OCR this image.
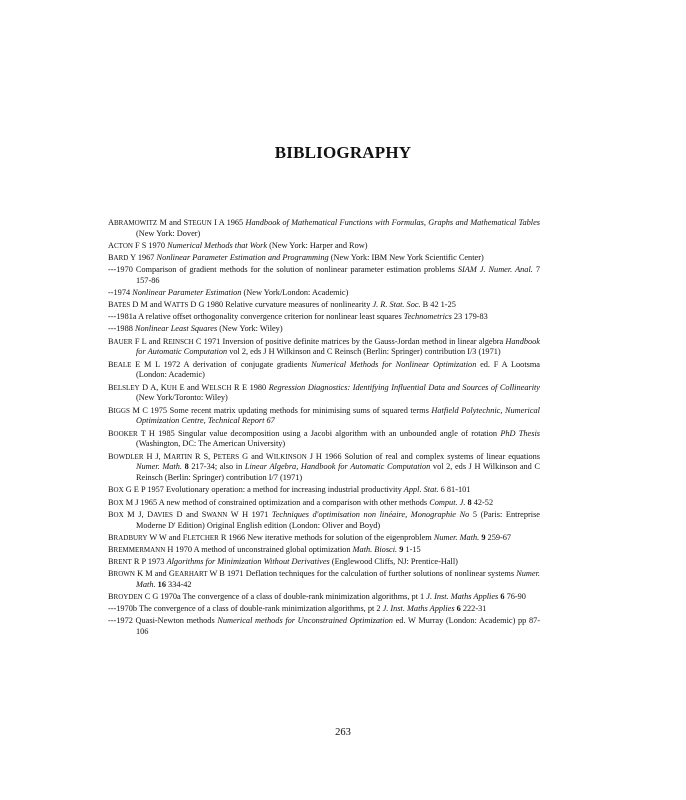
BIBLIOGRAPHY
ABRAMOWITZ M and STEGUN I A 1965 Handbook of Mathematical Functions with Formulas, Graphs and Mathematical Tables (New York: Dover)
ACTON F S 1970 Numerical Methods that Work (New York: Harper and Row)
BARD Y 1967 Nonlinear Parameter Estimation and Programming (New York: IBM New York Scientific Center)
---1970 Comparison of gradient methods for the solution of nonlinear parameter estimation problems SIAM J. Numer. Anal. 7 157-86
--1974 Nonlinear Parameter Estimation (New York/London: Academic)
BATES D M and WATTS D G 1980 Relative curvature measures of nonlinearity J. R. Stat. Soc. B 42 1-25
---1981a A relative offset orthogonality convergence criterion for nonlinear least squares Technometrics 23 179-83
---1988 Nonlinear Least Squares (New York: Wiley)
BAUER F L and REINSCH C 1971 Inversion of positive definite matrices by the Gauss-Jordan method in linear algebra Handbook for Automatic Computation vol 2, eds J H Wilkinson and C Reinsch (Berlin: Springer) contribution I/3 (1971)
BEALE E M L 1972 A derivation of conjugate gradients Numerical Methods for Nonlinear Optimization ed. F A Lootsma (London: Academic)
BELSLEY D A, KUH E and WELSCH R E 1980 Regression Diagnostics: Identifying Influential Data and Sources of Collinearity (New York/Toronto: Wiley)
BIGGS M C 1975 Some recent matrix updating methods for minimising sums of squared terms Hatfield Polytechnic, Numerical Optimization Centre, Technical Report 67
BOOKER T H 1985 Singular value decomposition using a Jacobi algorithm with an unbounded angle of rotation PhD Thesis (Washington, DC: The American University)
BOWDLER H J, MARTIN R S, PETERS G and WILKINSON J H 1966 Solution of real and complex systems of linear equations Numer. Math. 8 217-34; also in Linear Algebra, Handbook for Automatic Computation vol 2, eds J H Wilkinson and C Reinsch (Berlin: Springer) contribution I/7 (1971)
BOX G E P 1957 Evolutionary operation: a method for increasing industrial productivity Appl. Stat. 6 81-101
BOX M J 1965 A new method of constrained optimization and a comparison with other methods Comput. J. 8 42-52
BOX M J, DAVIES D and SWANN W H 1971 Techniques d'optimisation non linéaire, Monographie No 5 (Paris: Entreprise Moderne D' Edition) Original English edition (London: Oliver and Boyd)
BRADBURY W W and FLETCHER R 1966 New iterative methods for solution of the eigenproblem Numer. Math. 9 259-67
BREMMERMANN H 1970 A method of unconstrained global optimization Math. Biosci. 9 1-15
BRENT R P 1973 Algorithms for Minimization Without Derivatives (Englewood Cliffs, NJ: Prentice-Hall)
BROWN K M and GEARHART W B 1971 Deflation techniques for the calculation of further solutions of nonlinear systems Numer. Math. 16 334-42
BROYDEN C G 1970a The convergence of a class of double-rank minimization algorithms, pt 1 J. Inst. Maths Applies 6 76-90
---1970b The convergence of a class of double-rank minimization algorithms, pt 2 J. Inst. Maths Applies 6 222-31
---1972 Quasi-Newton methods Numerical methods for Unconstrained Optimization ed. W Murray (London: Academic) pp 87-106
263
